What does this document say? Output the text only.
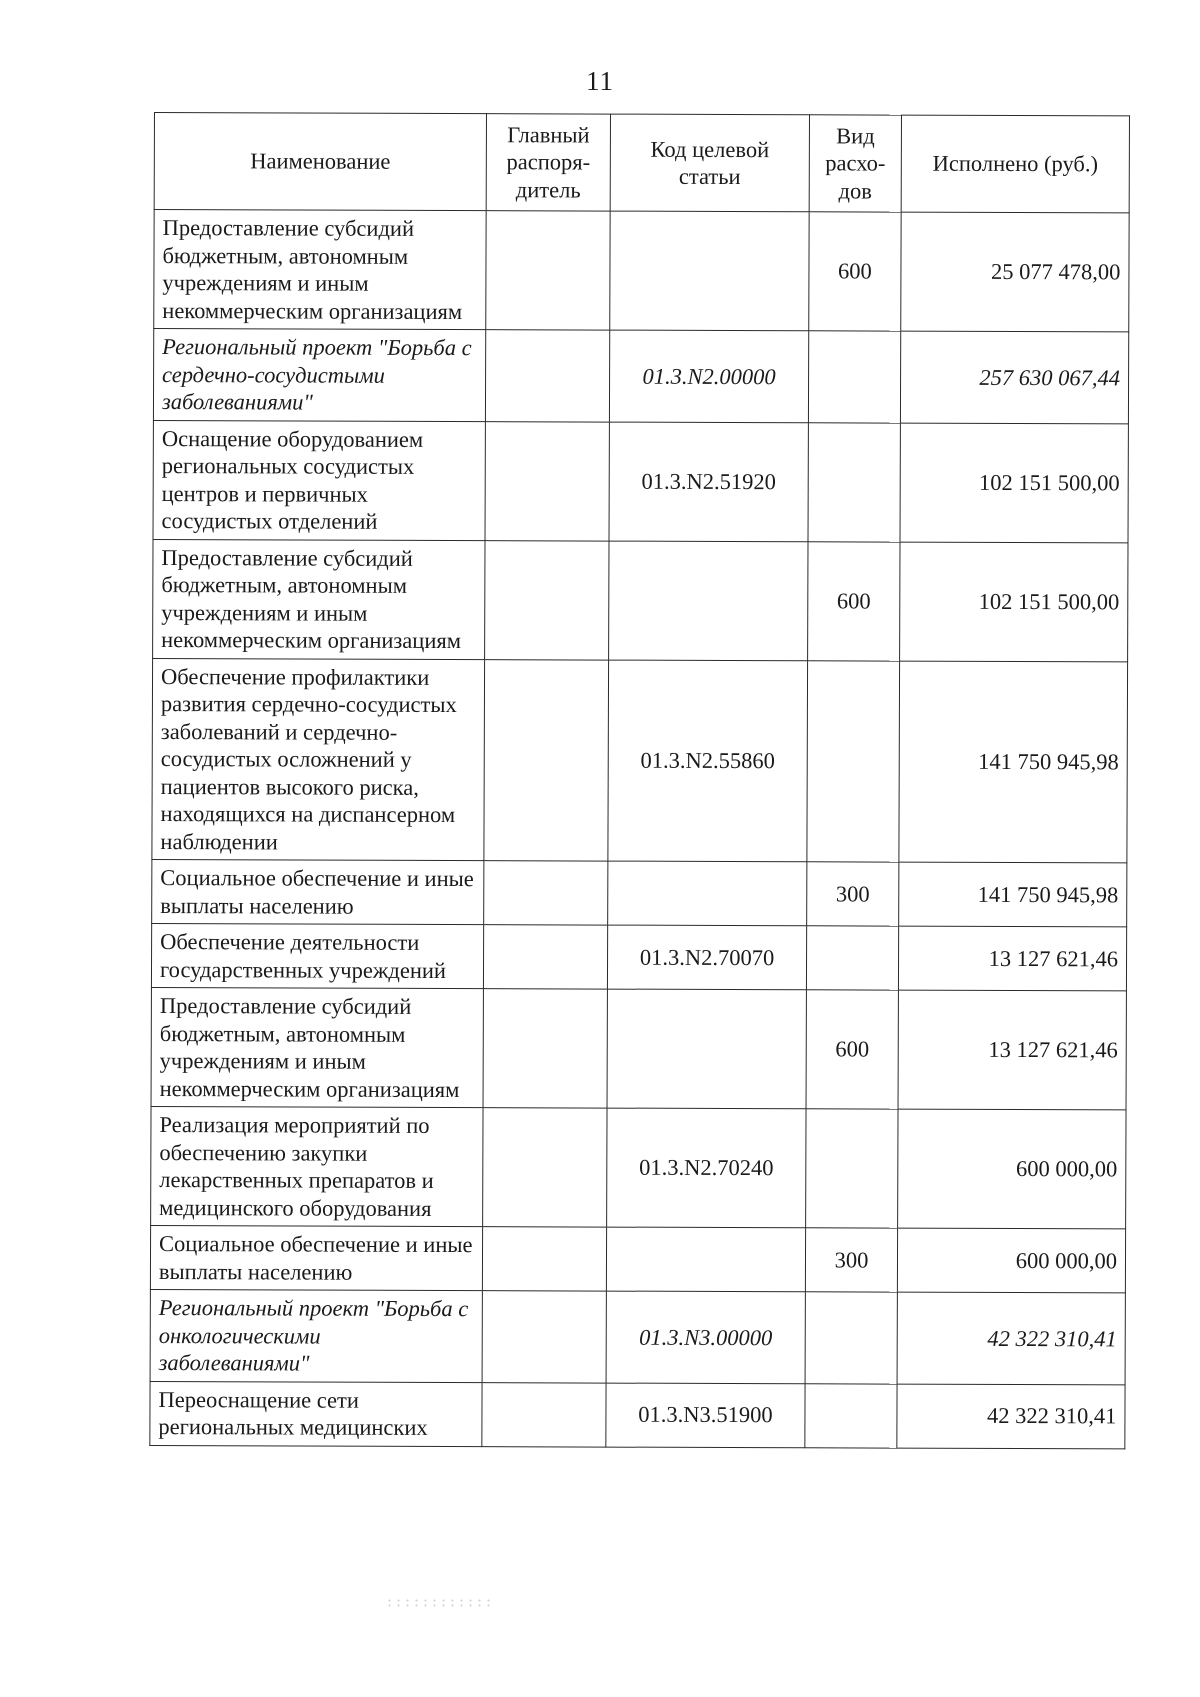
11
Наименование	Главный распоря-дитель	Код целевой статьи	Вид расхо-дов	Исполнено (руб.)
Предоставление субсидий бюджетным, автономным учреждениям и иным некоммерческим организациям			600	25 077 478,00
Региональный проект "Борьба с сердечно-сосудистыми заболеваниями"		01.3.N2.00000		257 630 067,44
Оснащение оборудованием региональных сосудистых центров и первичных сосудистых отделений		01.3.N2.51920		102 151 500,00
Предоставление субсидий бюджетным, автономным учреждениям и иным некоммерческим организациям			600	102 151 500,00
Обеспечение профилактики развития сердечно-сосудистых заболеваний и сердечно-сосудистых осложнений у пациентов высокого риска, находящихся на диспансерном наблюдении		01.3.N2.55860		141 750 945,98
Социальное обеспечение и иные выплаты населению			300	141 750 945,98
Обеспечение деятельности государственных учреждений		01.3.N2.70070		13 127 621,46
Предоставление субсидий бюджетным, автономным учреждениям и иным некоммерческим организациям			600	13 127 621,46
Реализация мероприятий по обеспечению закупки лекарственных препаратов и медицинского оборудования		01.3.N2.70240		600 000,00
Социальное обеспечение и иные выплаты населению			300	600 000,00
Региональный проект "Борьба с онкологическими заболеваниями"		01.3.N3.00000		42 322 310,41
Переоснащение сети региональных медицинских		01.3.N3.51900		42 322 310,41
